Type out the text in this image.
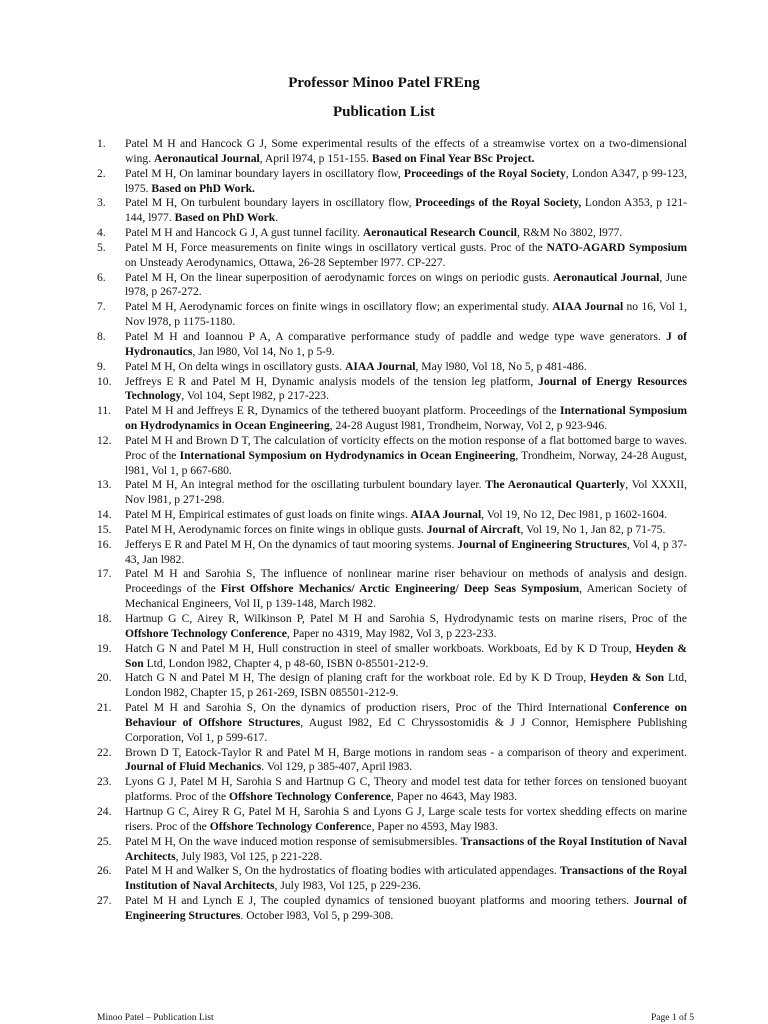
Professor Minoo Patel FREng
Publication List
1.	Patel M H and Hancock G J, Some experimental results of the effects of a streamwise vortex on a two-dimensional wing. Aeronautical Journal, April l974, p 151-155. Based on Final Year BSc Project.
2.	Patel M H, On laminar boundary layers in oscillatory flow, Proceedings of the Royal Society, London A347, p 99-123, l975. Based on PhD Work.
3.	Patel M H, On turbulent boundary layers in oscillatory flow, Proceedings of the Royal Society, London A353, p 121-144, l977. Based on PhD Work.
4.	Patel M H and Hancock G J, A gust tunnel facility. Aeronautical Research Council, R&M No 3802, l977.
5.	Patel M H, Force measurements on finite wings in oscillatory vertical gusts. Proc of the NATO-AGARD Symposium on Unsteady Aerodynamics, Ottawa, 26-28 September l977. CP-227.
6.	Patel M H, On the linear superposition of aerodynamic forces on wings on periodic gusts. Aeronautical Journal, June l978, p 267-272.
7.	Patel M H, Aerodynamic forces on finite wings in oscillatory flow; an experimental study. AIAA Journal no 16, Vol 1, Nov l978, p 1175-1180.
8.	Patel M H and Ioannou P A, A comparative performance study of paddle and wedge type wave generators. J of Hydronautics, Jan l980, Vol 14, No 1, p 5-9.
9.	Patel M H, On delta wings in oscillatory gusts. AIAA Journal, May l980, Vol 18, No 5, p 481-486.
10.	Jeffreys E R and Patel M H, Dynamic analysis models of the tension leg platform, Journal of Energy Resources Technology, Vol 104, Sept l982, p 217-223.
11.	Patel M H and Jeffreys E R, Dynamics of the tethered buoyant platform. Proceedings of the International Symposium on Hydrodynamics in Ocean Engineering, 24-28 August l981, Trondheim, Norway, Vol 2, p 923-946.
12.	Patel M H and Brown D T, The calculation of vorticity effects on the motion response of a flat bottomed barge to waves. Proc of the International Symposium on Hydrodynamics in Ocean Engineering, Trondheim, Norway, 24-28 August, l981, Vol 1, p 667-680.
13.	Patel M H, An integral method for the oscillating turbulent boundary layer. The Aeronautical Quarterly, Vol XXXII, Nov l981, p 271-298.
14.	Patel M H, Empirical estimates of gust loads on finite wings. AIAA Journal, Vol 19, No 12, Dec l981, p 1602-1604.
15.	Patel M H, Aerodynamic forces on finite wings in oblique gusts. Journal of Aircraft, Vol 19, No 1, Jan 82, p 71-75.
16.	Jefferys E R and Patel M H, On the dynamics of taut mooring systems. Journal of Engineering Structures, Vol 4, p 37-43, Jan l982.
17.	Patel M H and Sarohia S, The influence of nonlinear marine riser behaviour on methods of analysis and design. Proceedings of the First Offshore Mechanics/ Arctic Engineering/ Deep Seas Symposium, American Society of Mechanical Engineers, Vol II, p 139-148, March l982.
18.	Hartnup G C, Airey R, Wilkinson P, Patel M H and Sarohia S, Hydrodynamic tests on marine risers, Proc of the Offshore Technology Conference, Paper no 4319, May l982, Vol 3, p 223-233.
19.	Hatch G N and Patel M H, Hull construction in steel of smaller workboats. Workboats, Ed by K D Troup, Heyden & Son Ltd, London l982, Chapter 4, p 48-60, ISBN 0-85501-212-9.
20.	Hatch G N and Patel M H, The design of planing craft for the workboat role. Ed by K D Troup, Heyden & Son Ltd, London l982, Chapter 15, p 261-269, ISBN 085501-212-9.
21.	Patel M H and Sarohia S, On the dynamics of production risers, Proc of the Third International Conference on Behaviour of Offshore Structures, August l982, Ed C Chryssostomidis & J J Connor, Hemisphere Publishing Corporation, Vol 1, p 599-617.
22.	Brown D T, Eatock-Taylor R and Patel M H, Barge motions in random seas - a comparison of theory and experiment. Journal of Fluid Mechanics. Vol 129, p 385-407, April l983.
23.	Lyons G J, Patel M H, Sarohia S and Hartnup G C, Theory and model test data for tether forces on tensioned buoyant platforms. Proc of the Offshore Technology Conference, Paper no 4643, May l983.
24.	Hartnup G C, Airey R G, Patel M H, Sarohia S and Lyons G J, Large scale tests for vortex shedding effects on marine risers. Proc of the Offshore Technology Conference, Paper no 4593, May l983.
25.	Patel M H, On the wave induced motion response of semisubmersibles. Transactions of the Royal Institution of Naval Architects, July l983, Vol 125, p 221-228.
26.	Patel M H and Walker S, On the hydrostatics of floating bodies with articulated appendages. Transactions of the Royal Institution of Naval Architects, July l983, Vol 125, p 229-236.
27.	Patel M H and Lynch E J, The coupled dynamics of tensioned buoyant platforms and mooring tethers. Journal of Engineering Structures. October l983, Vol 5, p 299-308.
Minoo Patel – Publication List	Page 1 of 5
